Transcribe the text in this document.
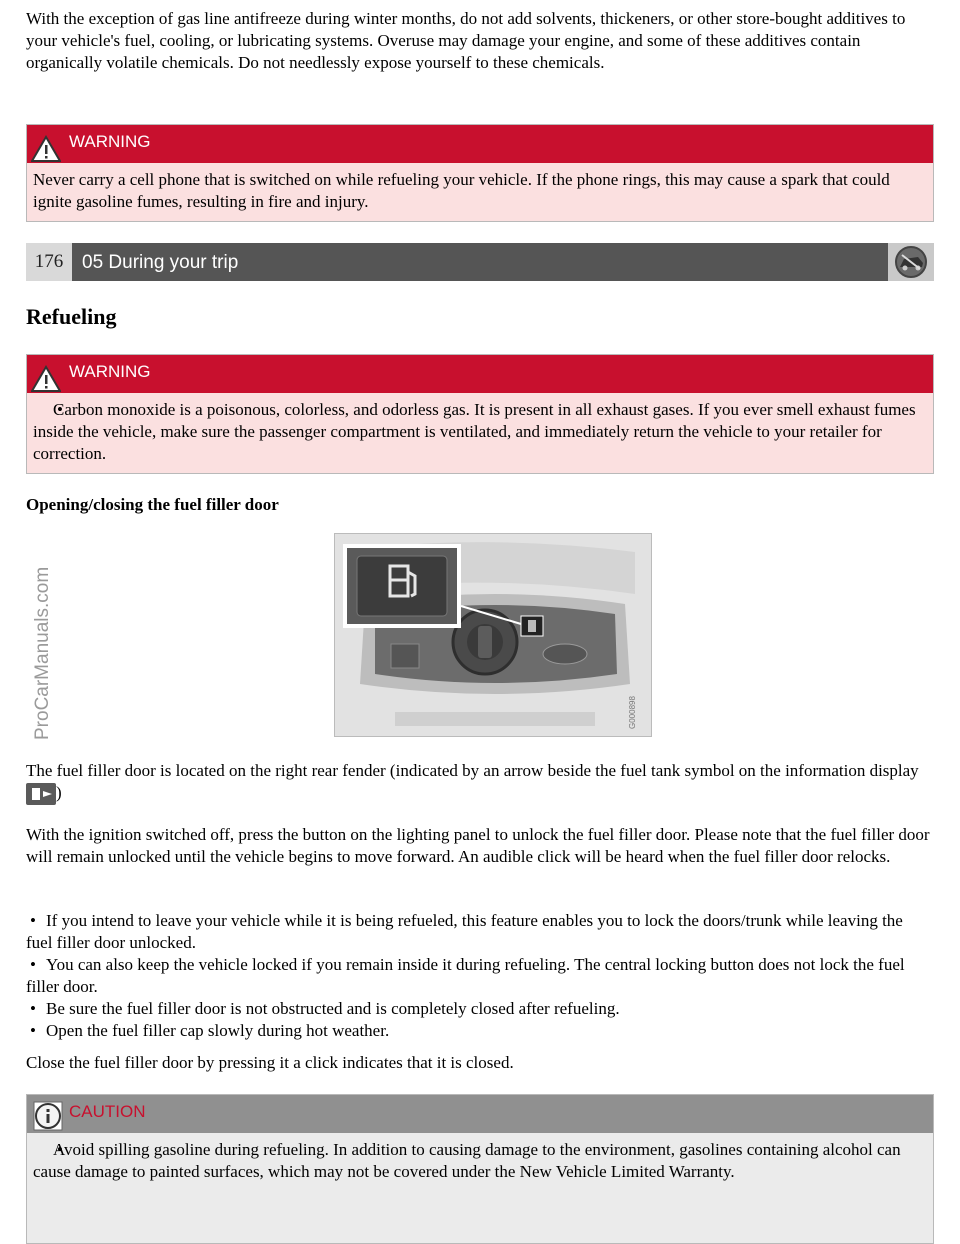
With the exception of gas line antifreeze during winter months, do not add solvents, thickeners, or other store-bought additives to your vehicle's fuel, cooling, or lubricating systems. Overuse may damage your engine, and some of these additives contain organically volatile chemicals. Do not needlessly expose yourself to these chemicals.

WARNING
Never carry a cell phone that is switched on while refueling your vehicle. If the phone rings, this may cause a spark that could ignite gasoline fumes, resulting in fire and injury.
176 05 During your trip
Refueling
WARNING
• Carbon monoxide is a poisonous, colorless, and odorless gas. It is present in all exhaust gases. If you ever smell exhaust fumes inside the vehicle, make sure the passenger compartment is ventilated, and immediately return the vehicle to your retailer for correction.
Opening/closing the fuel filler door
G000898

The fuel filler door is located on the right rear fender (indicated by an arrow beside the fuel tank symbol on the information display )

With the ignition switched off, press the button on the lighting panel to unlock the fuel filler door. Please note that the fuel filler door will remain unlocked until the vehicle begins to move forward. An audible click will be heard when the fuel filler door relocks.

• If you intend to leave your vehicle while it is being refueled, this feature enables you to lock the doors/trunk while leaving the fuel filler door unlocked.
• You can also keep the vehicle locked if you remain inside it during refueling. The central locking button does not lock the fuel filler door.
• Be sure the fuel filler door is not obstructed and is completely closed after refueling.
• Open the fuel filler cap slowly during hot weather.

Close the fuel filler door by pressing it a click indicates that it is closed.

CAUTION
• Avoid spilling gasoline during refueling. In addition to causing damage to the environment, gasolines containing alcohol can cause damage to painted surfaces, which may not be covered under the New Vehicle Limited Warranty.
ProCarManuals.com
